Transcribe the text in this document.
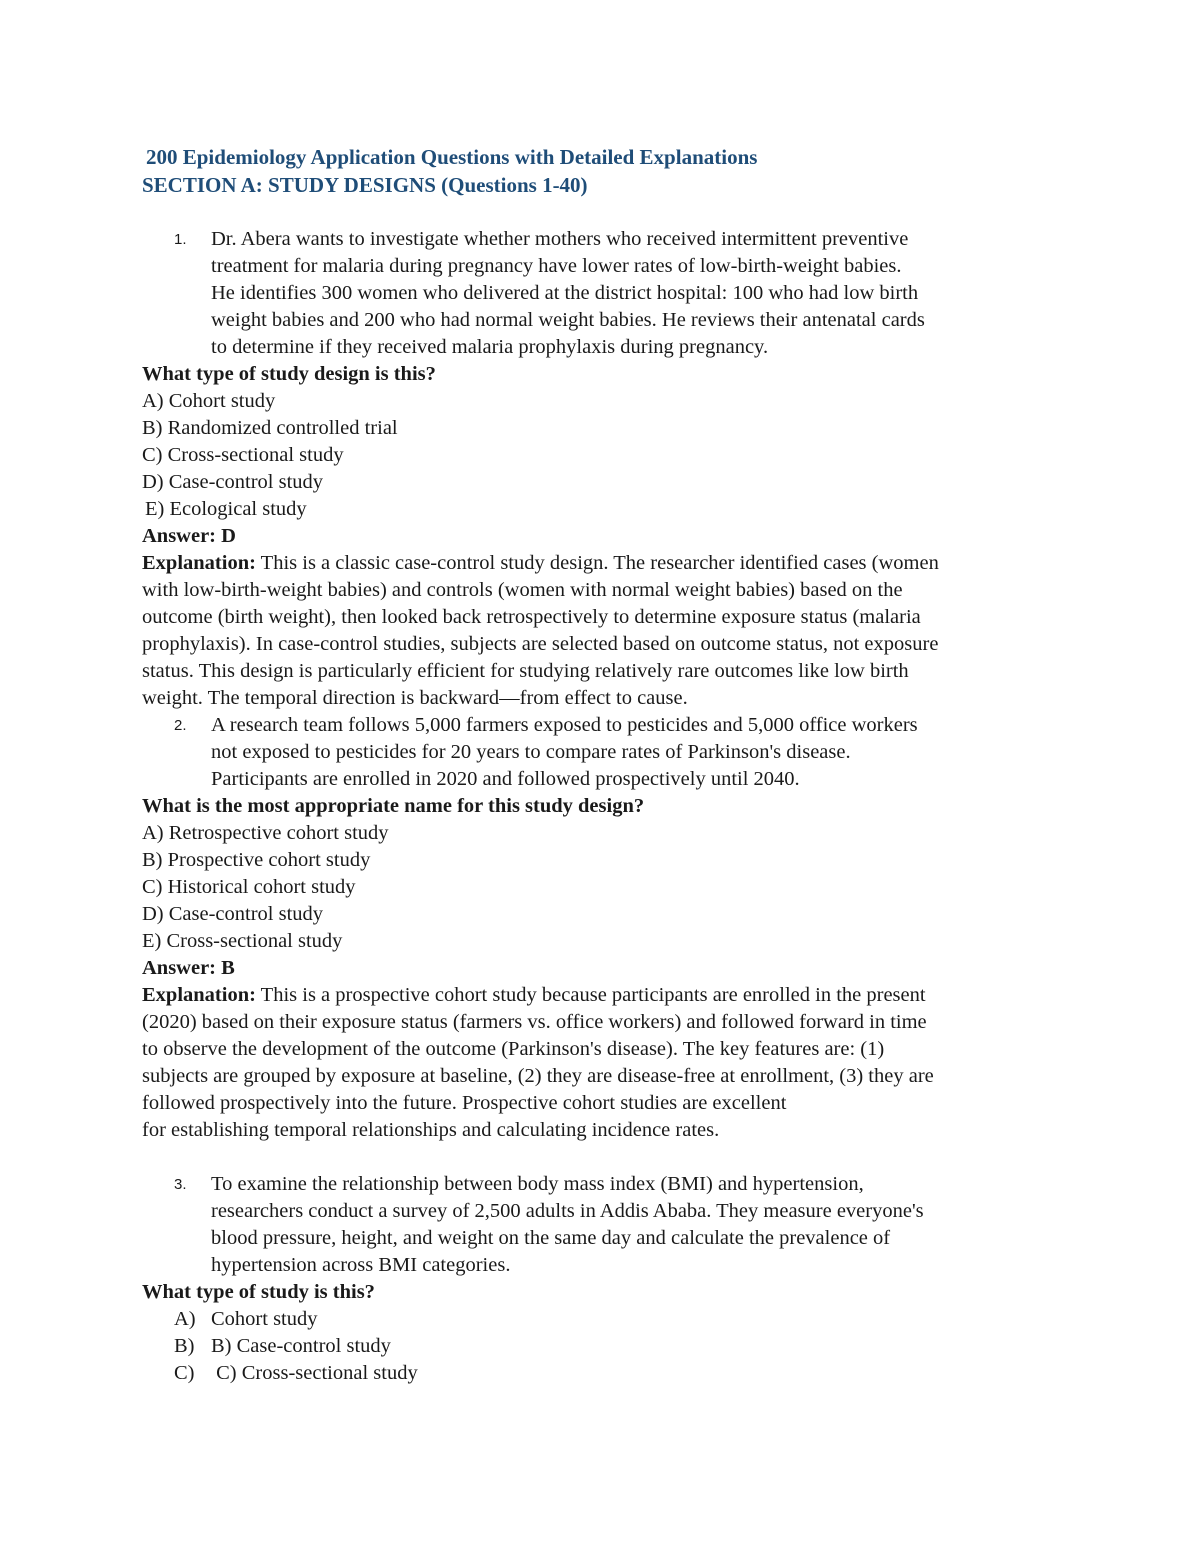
200 Epidemiology Application Questions with Detailed Explanations
SECTION A: STUDY DESIGNS (Questions 1-40)
1.	Dr. Abera wants to investigate whether mothers who received intermittent preventive
treatment for malaria during pregnancy have lower rates of low-birth-weight babies.
He identifies 300 women who delivered at the district hospital: 100 who had low birth
weight babies and 200 who had normal weight babies. He reviews their antenatal cards
to determine if they received malaria prophylaxis during pregnancy.
What type of study design is this?
A) Cohort study
B) Randomized controlled trial
C) Cross-sectional study
D) Case-control study
E) Ecological study
Answer: D
Explanation: This is a classic case-control study design. The researcher identified cases (women
with low-birth-weight babies) and controls (women with normal weight babies) based on the
outcome (birth weight), then looked back retrospectively to determine exposure status (malaria
prophylaxis). In case-control studies, subjects are selected based on outcome status, not exposure
status. This design is particularly efficient for studying relatively rare outcomes like low birth
weight. The temporal direction is backward—from effect to cause.
2.	A research team follows 5,000 farmers exposed to pesticides and 5,000 office workers
not exposed to pesticides for 20 years to compare rates of Parkinson's disease.
Participants are enrolled in 2020 and followed prospectively until 2040.
What is the most appropriate name for this study design?
A) Retrospective cohort study
B) Prospective cohort study
C) Historical cohort study
D) Case-control study
E) Cross-sectional study
Answer: B
Explanation: This is a prospective cohort study because participants are enrolled in the present
(2020) based on their exposure status (farmers vs. office workers) and followed forward in time
to observe the development of the outcome (Parkinson's disease). The key features are: (1)
subjects are grouped by exposure at baseline, (2) they are disease-free at enrollment, (3) they are
followed prospectively into the future. Prospective cohort studies are excellent
for establishing temporal relationships and calculating incidence rates.
3.	To examine the relationship between body mass index (BMI) and hypertension,
researchers conduct a survey of 2,500 adults in Addis Ababa. They measure everyone's
blood pressure, height, and weight on the same day and calculate the prevalence of
hypertension across BMI categories.
What type of study is this?
A) Cohort study
B) B) Case-control study
C) C) Cross-sectional study
